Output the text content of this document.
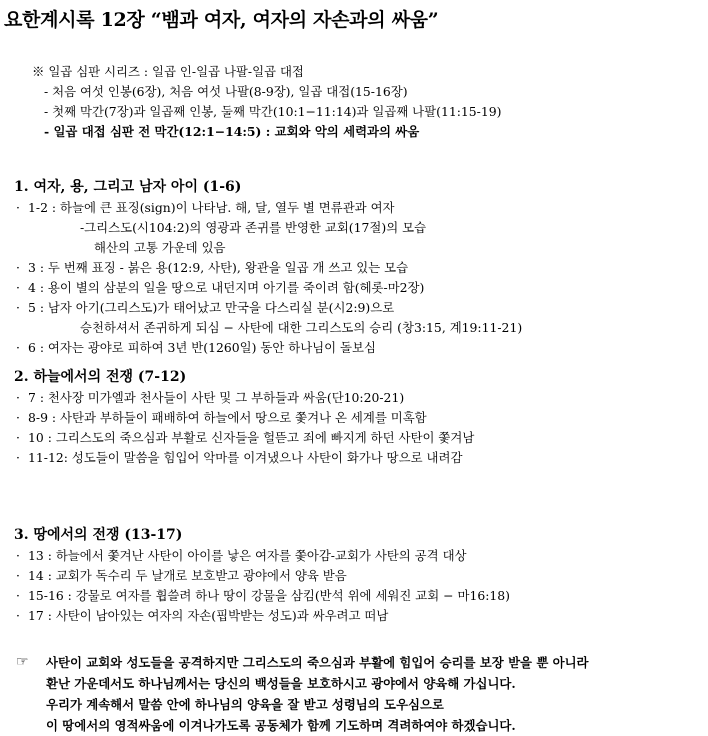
요한계시록 12장 “뱀과 여자, 여자의 자손과의 싸움”
※ 일곱 심판 시리즈 : 일곱 인-일곱 나팔-일곱 대접
- 처음 여섯 인봉(6장), 처음 여섯 나팔(8-9장), 일곱 대접(15-16장)
- 첫째 막간(7장)과 일곱째 인봉, 둘째 막간(10:1−11:14)과 일곱째 나팔(11:15-19)
- 일곱 대접 심판 전 막간(12:1−14:5) : 교회와 악의 세력과의 싸움
1. 여자, 용, 그리고 남자 아이 (1-6)
· 1-2 : 하늘에 큰 표징(sign)이 나타남. 해, 달, 열두 별 면류관과 여자
-그리스도(시104:2)의 영광과 존귀를 반영한 교회(17절)의 모습
해산의 고통 가운데 있음
· 3 : 두 번째 표징 - 붉은 용(12:9, 사탄), 왕관을 일곱 개 쓰고 있는 모습
· 4 : 용이 별의 삼분의 일을 땅으로 내던지며 아기를 죽이려 함(헤롯-마2장)
· 5 : 남자 아기(그리스도)가 태어났고 만국을 다스리실 분(시2:9)으로
승천하셔서 존귀하게 되심 − 사탄에 대한 그리스도의 승리 (창3:15, 계19:11-21)
· 6 : 여자는 광야로 피하여 3년 반(1260일) 동안 하나님이 돌보심
2. 하늘에서의 전쟁 (7-12)
· 7 : 천사장 미가엘과 천사들이 사탄 및 그 부하들과 싸움(단10:20-21)
· 8-9 : 사탄과 부하들이 패배하여 하늘에서 땅으로 쫓겨나 온 세계를 미혹함
· 10 : 그리스도의 죽으심과 부활로 신자들을 헐뜯고 죄에 빠지게 하던 사탄이 쫓겨남
· 11-12: 성도들이 말씀을 힘입어 악마를 이겨냈으나 사탄이 화가나 땅으로 내려감
3. 땅에서의 전쟁 (13-17)
· 13 : 하늘에서 쫓겨난 사탄이 아이를 낳은 여자를 쫓아감-교회가 사탄의 공격 대상
· 14 : 교회가 독수리 두 날개로 보호받고 광야에서 양육 받음
· 15-16 : 강물로 여자를 휩쓸려 하나 땅이 강물을 삼킴(반석 위에 세워진 교회 − 마16:18)
· 17 : 사탄이 남아있는 여자의 자손(핍박받는 성도)과 싸우려고 떠남
☞ 사탄이 교회와 성도들을 공격하지만 그리스도의 죽으심과 부활에 힘입어 승리를 보장 받을 뿐 아니라
환난 가운데서도 하나님께서는 당신의 백성들을 보호하시고 광야에서 양육해 가십니다.
우리가 계속해서 말씀 안에 하나님의 양육을 잘 받고 성령님의 도우심으로
이 땅에서의 영적싸움에 이겨나가도록 공동체가 함께 기도하며 격려하여야 하겠습니다.
